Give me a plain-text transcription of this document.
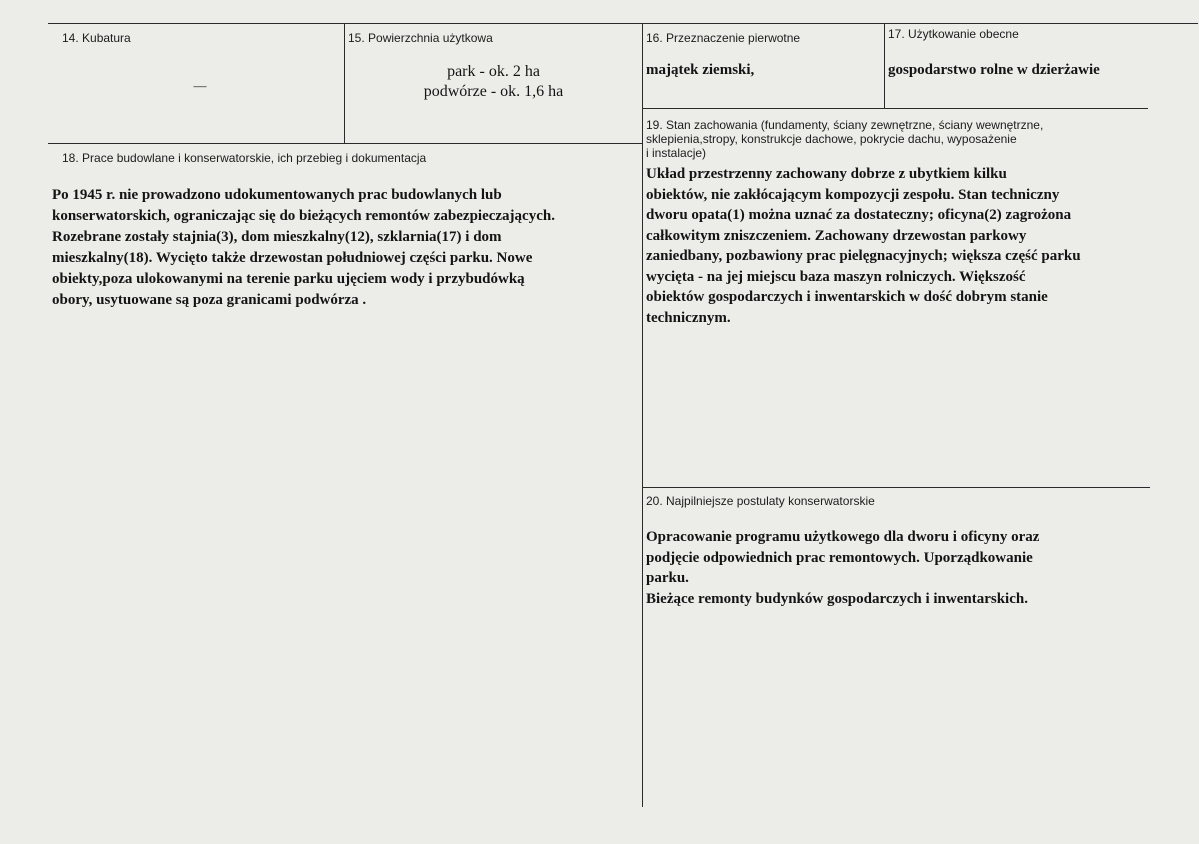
14. Kubatura
—
15. Powierzchnia użytkowa
park - ok. 2 ha
podwórze - ok. 1,6 ha
16. Przeznaczenie pierwotne
majątek ziemski,
17. Użytkowanie obecne
gospodarstwo rolne w dzierżawie
18. Prace budowlane i konserwatorskie, ich przebieg i dokumentacja
Po 1945 r. nie prowadzono udokumentowanych prac budowlanych lub
konserwatorskich, ograniczając się do bieżących remontów zabezpieczających.
Rozebrane zostały stajnia(3), dom mieszkalny(12), szklarnia(17) i dom
mieszkalny(18). Wycięto także drzewostan południowej części parku. Nowe
obiekty,poza ulokowanymi na terenie parku ujęciem wody i przybudówką
obory, usytuowane są poza granicami podwórza .
19. Stan zachowania (fundamenty, ściany zewnętrzne, ściany wewnętrzne,
sklepienia,stropy, konstrukcje dachowe, pokrycie dachu, wyposażenie
i instalacje)
Układ przestrzenny zachowany dobrze z ubytkiem kilku
obiektów, nie zakłócającym kompozycji zespołu. Stan techniczny
dworu opata(1) można uznać za dostateczny; oficyna(2) zagrożona
całkowitym zniszczeniem. Zachowany drzewostan parkowy
zaniedbany, pozbawiony prac pielęgnacyjnych; większa część parku
wycięta - na jej miejscu baza maszyn rolniczych. Większość
obiektów gospodarczych i inwentarskich w dość dobrym stanie
technicznym.
20. Najpilniejsze postulaty konserwatorskie
Opracowanie programu użytkowego dla dworu i oficyny oraz
podjęcie odpowiednich prac remontowych. Uporządkowanie
parku.
Bieżące remonty budynków gospodarczych i inwentarskich.
